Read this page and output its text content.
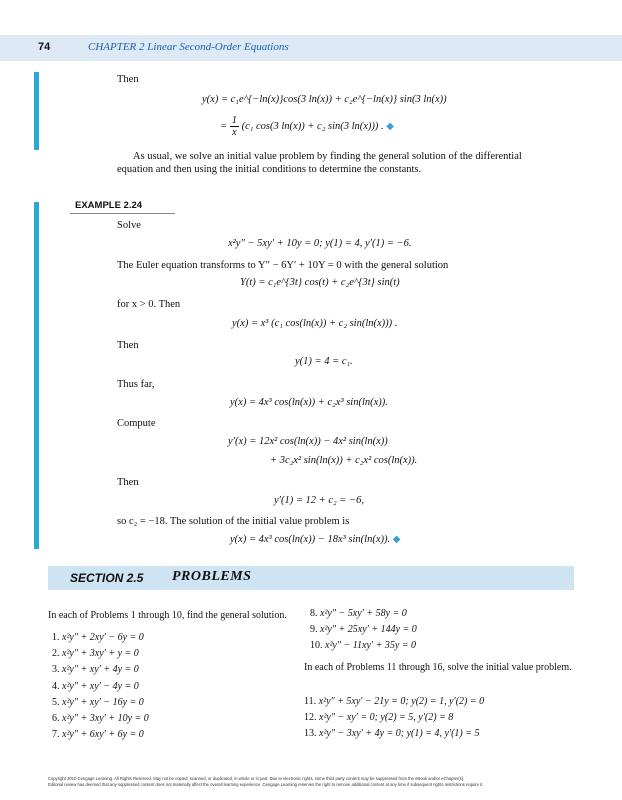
74	CHAPTER 2 Linear Second-Order Equations
Then
y(x) = c₁e^{−ln(x)}cos(3 ln(x)) + c₂e^{−ln(x)} sin(3 ln(x))
= $\frac{1}{x} (c_1$ cos(3 ln(x)) + c₂ sin(3 ln(x))) . ◆
As usual, we solve an initial value problem by finding the general solution of the differential equation and then using the initial conditions to determine the constants.
EXAMPLE 2.24
Solve
x²y″ − 5xy′ + 10y = 0; y(1) = 4, y′(1) = −6.
The Euler equation transforms to Y″ − 6Y′ + 10Y = 0 with the general solution
Y(t) = c₁e^{3t} cos(t) + c₂e^{3t} sin(t)
for x > 0. Then
y(x) = x³ (c₁ cos(ln(x)) + c₂ sin(ln(x))) .
Then
y(1) = 4 = c₁.
Thus far,
y(x) = 4x³ cos(ln(x)) + c₂x³ sin(ln(x)).
Compute
y′(x) = 12x² cos(ln(x)) − 4x² sin(ln(x))
+ 3c₂x² sin(ln(x)) + c₂x² cos(ln(x)).
Then
y′(1) = 12 + c₂ = −6,
so c₂ = −18. The solution of the initial value problem is
y(x) = 4x³ cos(ln(x)) − 18x³ sin(ln(x)). ◆
SECTION 2.5 PROBLEMS
In each of Problems 1 through 10, find the general solution.
1. x²y″ + 2xy′ − 6y = 0
2. x²y″ + 3xy′ + y = 0
3. x²y″ + xy′ + 4y = 0
4. x²y″ + xy′ − 4y = 0
5. x²y″ + xy′ − 16y = 0
6. x²y″ + 3xy′ + 10y = 0
7. x²y″ + 6xy′ + 6y = 0
8. x²y″ − 5xy′ + 58y = 0
9. x²y″ + 25xy′ + 144y = 0
10. x²y″ − 11xy′ + 35y = 0
In each of Problems 11 through 16, solve the initial value problem.
11. x²y″ + 5xy′ − 21y = 0; y(2) = 1, y′(2) = 0
12. x²y″ − xy′ = 0; y(2) = 5, y′(2) = 8
13. x²y″ − 3xy′ + 4y = 0; y(1) = 4, y′(1) = 5
Copyright 2010 Cengage Learning. All Rights Reserved. May not be copied, scanned, or duplicated, in whole or in part. Due to electronic rights, some third party content may be suppressed from the eBook and/or eChapter(s).
Editorial review has deemed that any suppressed content does not materially affect the overall learning experience. Cengage Learning reserves the right to remove additional content at any time if subsequent rights restrictions require it.
